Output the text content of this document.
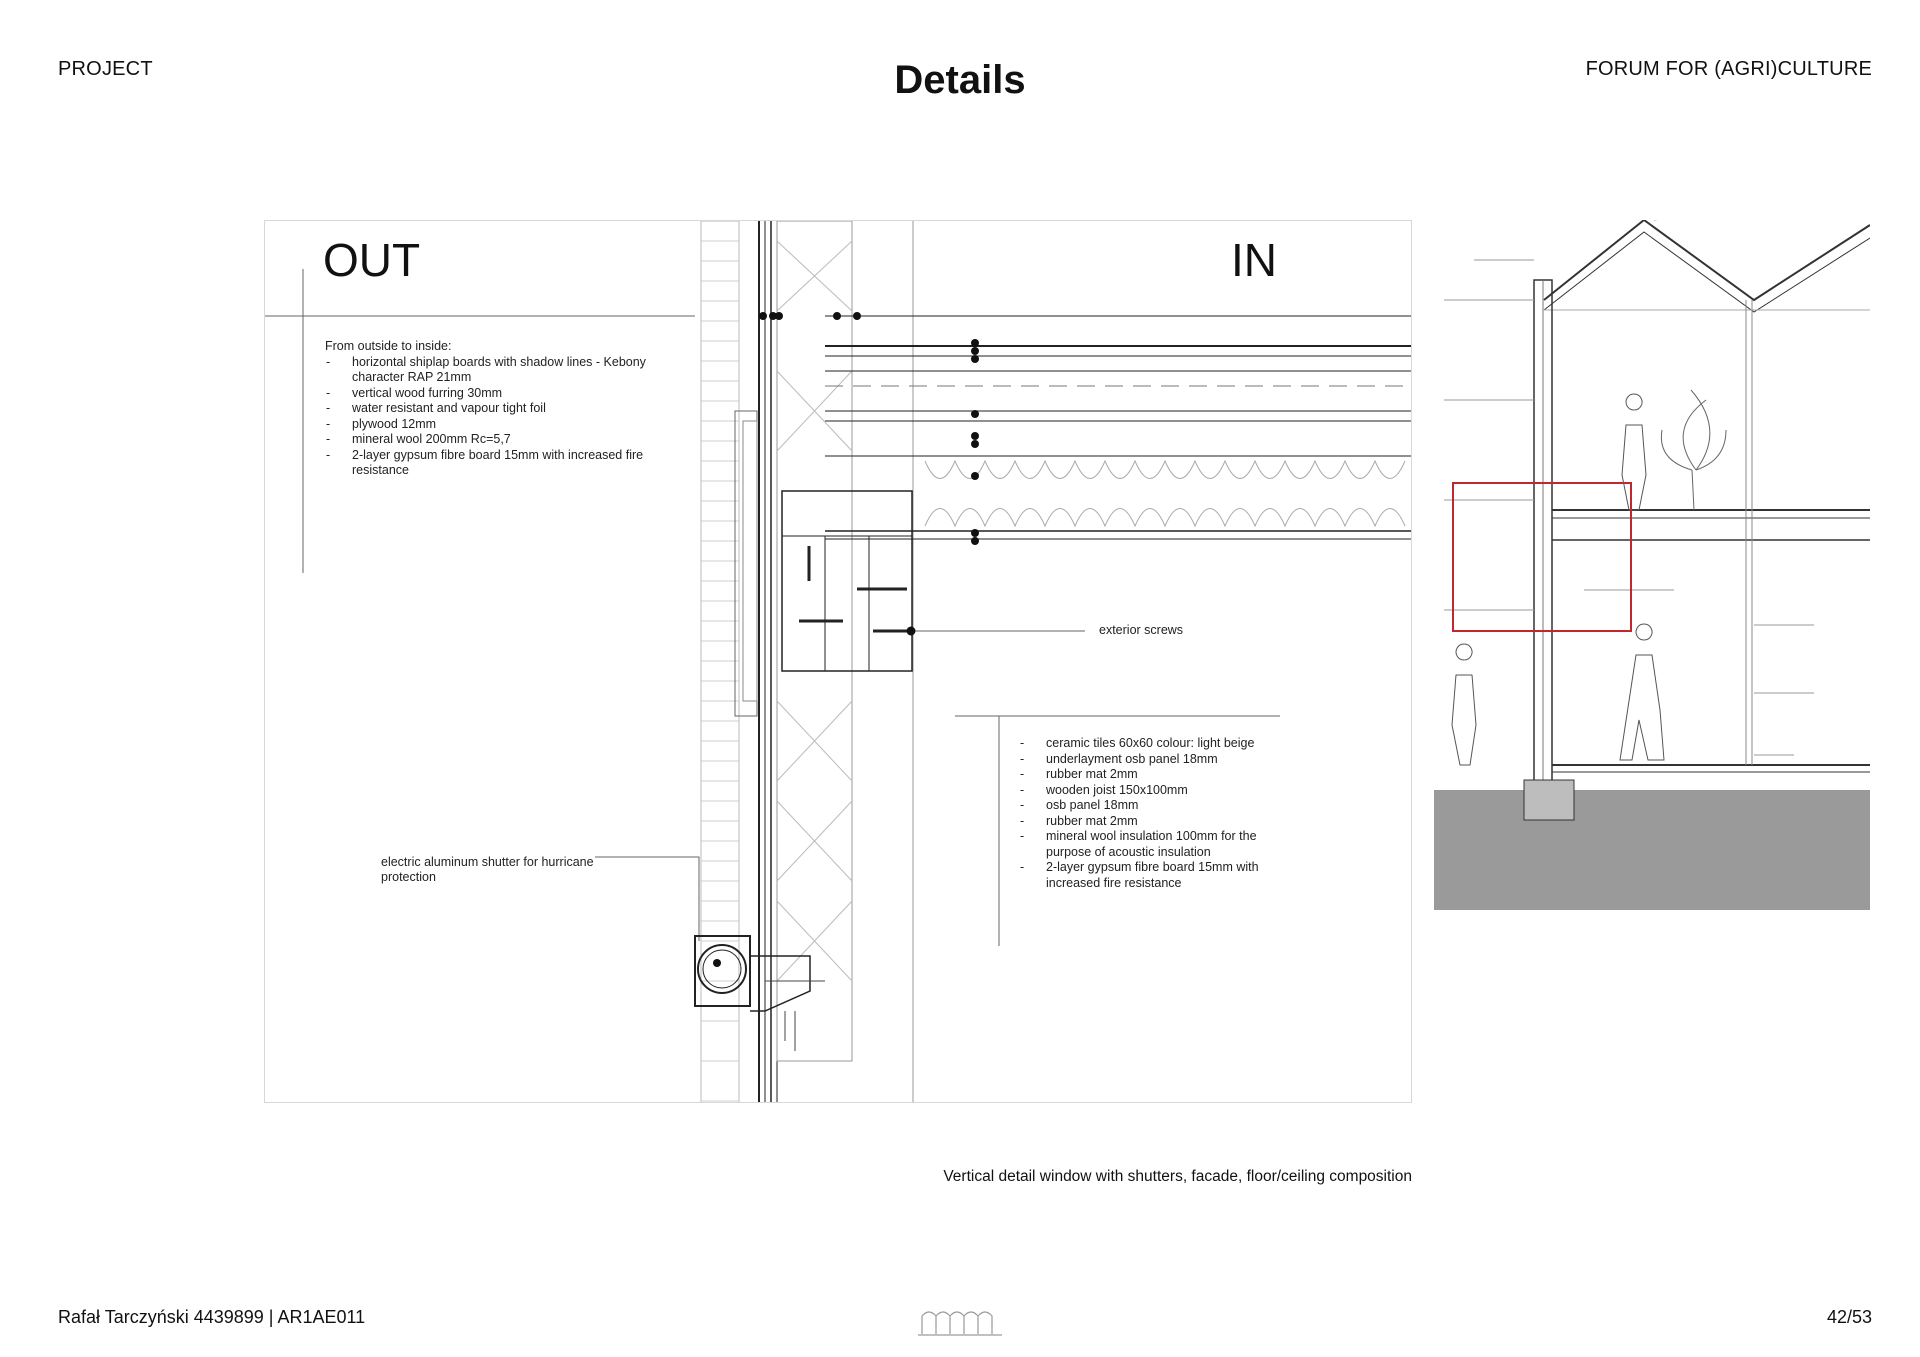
PROJECT	Details	FORUM FOR (AGRI)CULTURE
OUT	IN
From outside to inside:
- horizontal shiplap boards with shadow lines - Kebony character RAP 21mm
- vertical wood furring 30mm
- water resistant and vapour tight foil
- plywood 12mm
- mineral wool 200mm Rc=5,7
- 2-layer gypsum fibre board 15mm with increased fire resistance
exterior screws
- ceramic tiles 60x60 colour: light beige
- underlayment osb panel 18mm
- rubber mat 2mm
- wooden joist 150x100mm
- osb panel 18mm
- rubber mat 2mm
- mineral wool insulation 100mm for the purpose of acoustic insulation
- 2-layer gypsum fibre board 15mm with increased fire resistance
electric aluminum shutter for hurricane protection
Vertical detail window with shutters, facade, floor/ceiling composition
Rafał Tarczyński 4439899 | AR1AE011	42/53
